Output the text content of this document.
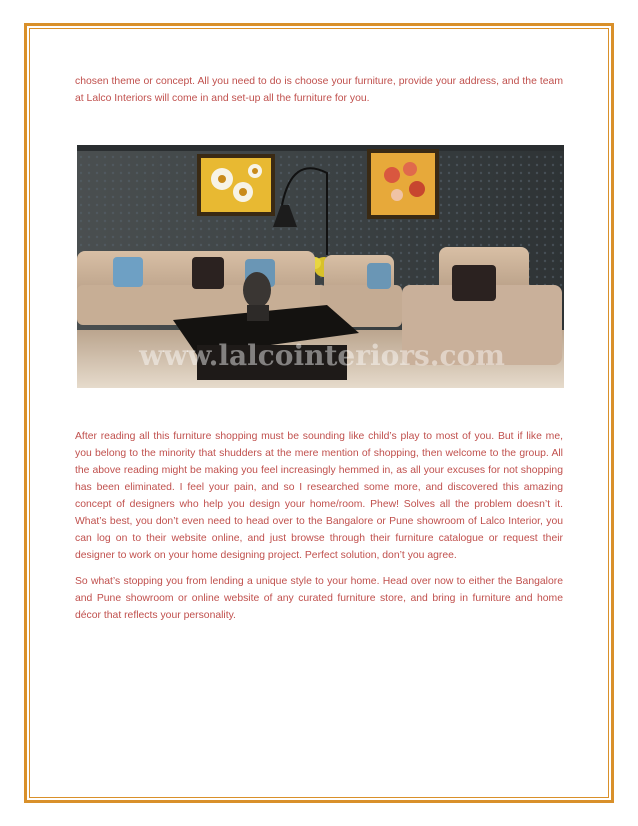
chosen theme or concept. All you need to do is choose your furniture, provide your address, and the team at Lalco Interiors will come in and set-up all the furniture for you.

www.lalcointeriors.com

After reading all this furniture shopping must be sounding like child’s play to most of you. But if like me, you belong to the minority that shudders at the mere mention of shopping, then welcome to the group. All the above reading might be making you feel increasingly hemmed in, as all your excuses for not shopping has been eliminated. I feel your pain, and so I researched some more, and discovered this amazing concept of designers who help you design your home/room. Phew! Solves all the problem doesn’t it. What’s best, you don’t even need to head over to the Bangalore or Pune showroom of Lalco Interior, you can log on to their website online, and just browse through their furniture catalogue or request their designer to work on your home designing project. Perfect solution, don’t you agree.

So what’s stopping you from lending a unique style to your home. Head over now to either the Bangalore and Pune showroom or online website of any curated furniture store, and bring in furniture and home décor that reflects your personality.
